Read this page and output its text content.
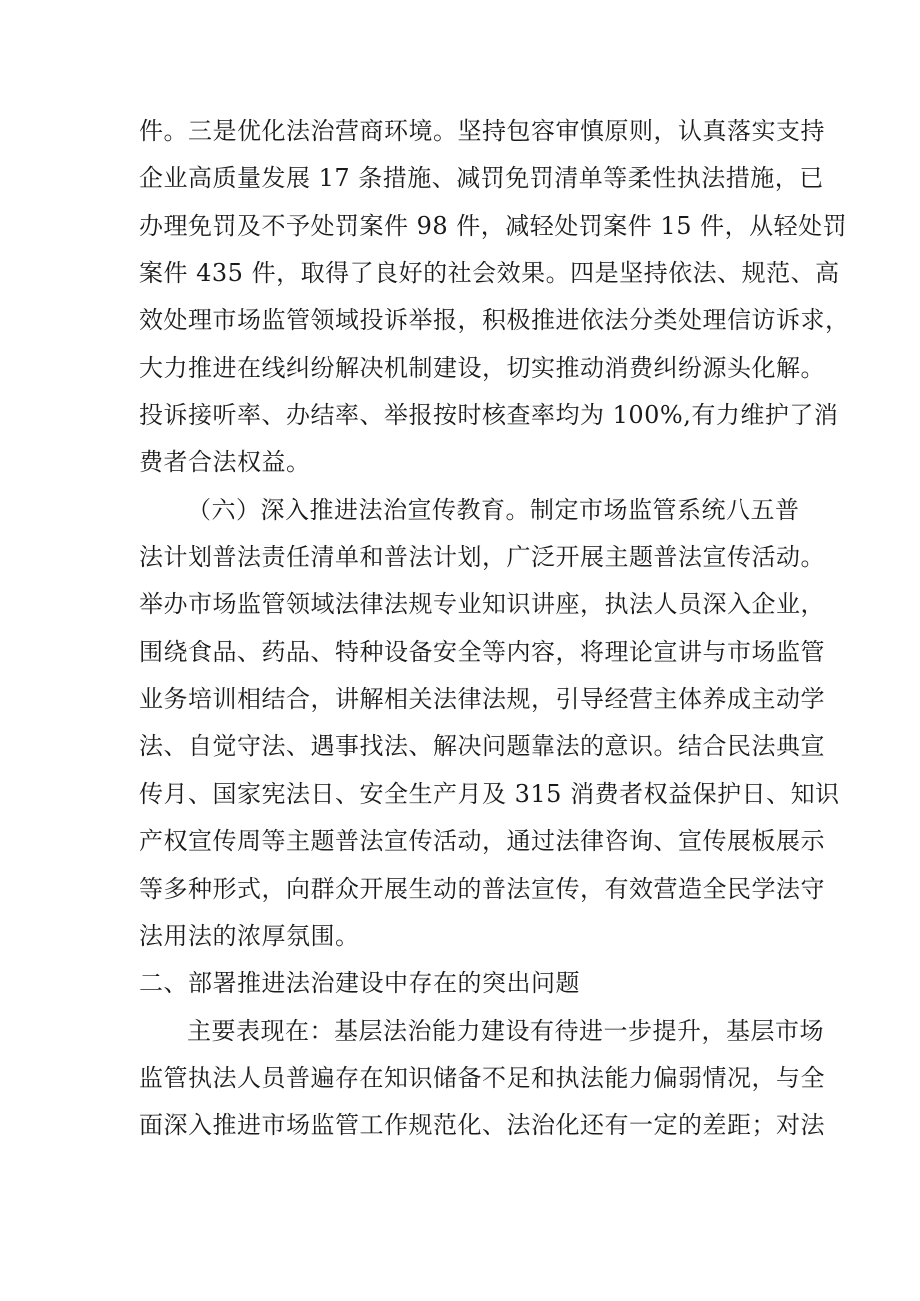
件。三是优化法治营商环境。坚持包容审慎原则，认真落实支持
企业高质量发展 17 条措施、减罚免罚清单等柔性执法措施，已
办理免罚及不予处罚案件 98 件，减轻处罚案件 15 件，从轻处罚
案件 435 件，取得了良好的社会效果。四是坚持依法、规范、高
效处理市场监管领域投诉举报，积极推进依法分类处理信访诉求，
大力推进在线纠纷解决机制建设，切实推动消费纠纷源头化解。
投诉接听率、办结率、举报按时核查率均为 100%,有力维护了消
费者合法权益。
（六）深入推进法治宣传教育。制定市场监管系统八五普
法计划普法责任清单和普法计划，广泛开展主题普法宣传活动。
举办市场监管领域法律法规专业知识讲座，执法人员深入企业，
围绕食品、药品、特种设备安全等内容，将理论宣讲与市场监管
业务培训相结合，讲解相关法律法规，引导经营主体养成主动学
法、自觉守法、遇事找法、解决问题靠法的意识。结合民法典宣
传月、国家宪法日、安全生产月及 315 消费者权益保护日、知识
产权宣传周等主题普法宣传活动，通过法律咨询、宣传展板展示
等多种形式，向群众开展生动的普法宣传，有效营造全民学法守
法用法的浓厚氛围。
二、部署推进法治建设中存在的突出问题
主要表现在：基层法治能力建设有待进一步提升，基层市场
监管执法人员普遍存在知识储备不足和执法能力偏弱情况，与全
面深入推进市场监管工作规范化、法治化还有一定的差距；对法
